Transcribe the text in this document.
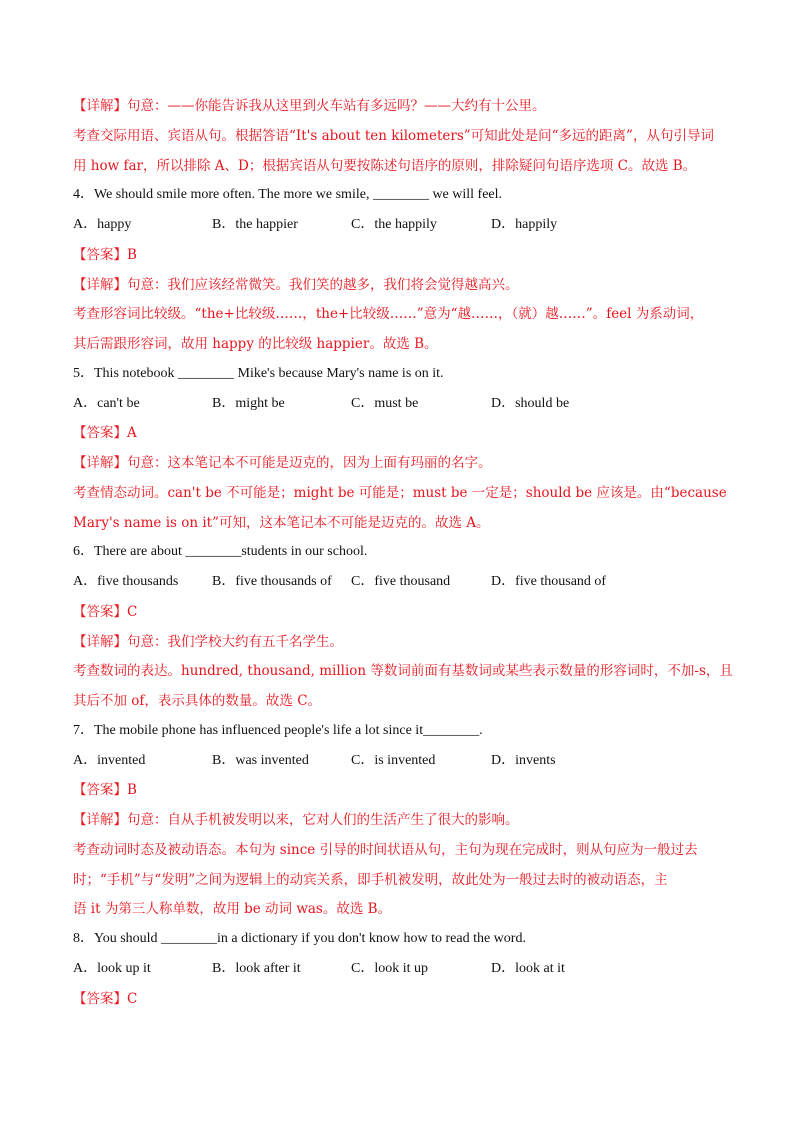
【详解】句意：——你能告诉我从这里到火车站有多远吗？——大约有十公里。
考查交际用语、宾语从句。根据答语“It's about ten kilometers”可知此处是问“多远的距离”，从句引导词
用 how far，所以排除 A、D；根据宾语从句要按陈述句语序的原则，排除疑问句语序选项 C。故选 B。
4．We should smile more often. The more we smile, ________ we will feel.
A．happy	B．the happier	C．the happily	D．happily
【答案】B
【详解】句意：我们应该经常微笑。我们笑的越多，我们将会觉得越高兴。
考查形容词比较级。“the+比较级……，the+比较级……”意为“越……，（就）越……”。feel 为系动词，
其后需跟形容词，故用 happy 的比较级 happier。故选 B。
5．This notebook ________ Mike's because Mary's name is on it.
A．can't be	B．might be	C．must be	D．should be
【答案】A
【详解】句意：这本笔记本不可能是迈克的，因为上面有玛丽的名字。
考查情态动词。can't be 不可能是；might be 可能是；must be 一定是；should be 应该是。由“because
Mary's name is on it”可知，这本笔记本不可能是迈克的。故选 A。
6．There are about ________students in our school.
A．five thousands B．five thousands of C．five thousand	D．five thousand of
【答案】C
【详解】句意：我们学校大约有五千名学生。
考查数词的表达。hundred, thousand, million 等数词前面有基数词或某些表示数量的形容词时，不加-s，且
其后不加 of，表示具体的数量。故选 C。
7．The mobile phone has influenced people's life a lot since it________.
A．invented	B．was invented	C．is invented	D．invents
【答案】B
【详解】句意：自从手机被发明以来，它对人们的生活产生了很大的影响。
考查动词时态及被动语态。本句为 since 引导的时间状语从句，主句为现在完成时，则从句应为一般过去
时；“手机”与“发明”之间为逻辑上的动宾关系，即手机被发明，故此处为一般过去时的被动语态，主
语 it 为第三人称单数，故用 be 动词 was。故选 B。
8．You should ________in a dictionary if you don't know how to read the word.
A．look up it	B．look after it	C．look it up	D．look at it
【答案】C
